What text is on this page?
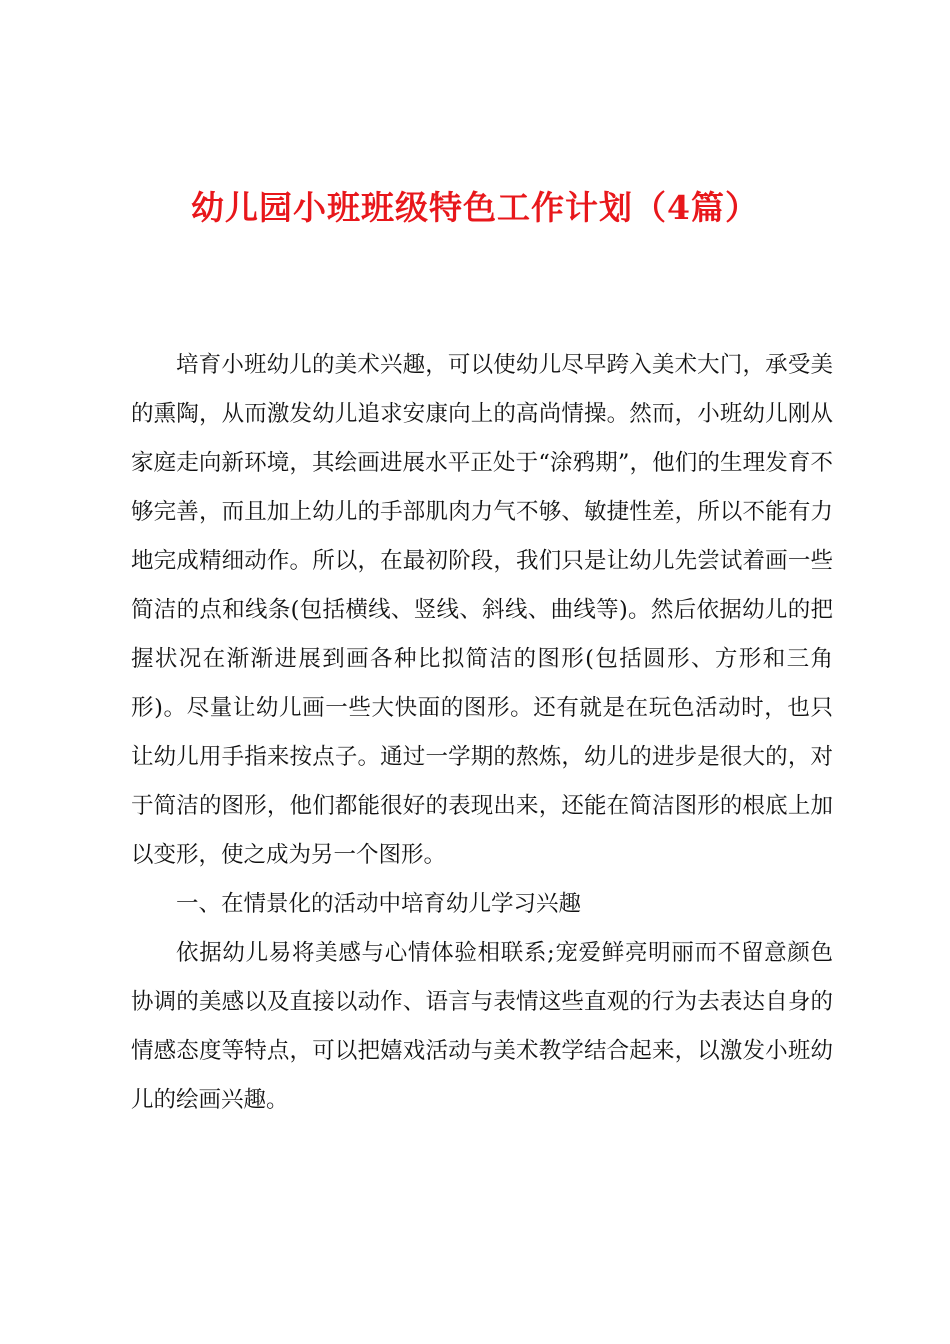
幼儿园小班班级特色工作计划（4篇）

培育小班幼儿的美术兴趣，可以使幼儿尽早跨入美术大门，承受美的熏陶，从而激发幼儿追求安康向上的高尚情操。然而，小班幼儿刚从家庭走向新环境，其绘画进展水平正处于“涂鸦期”，他们的生理发育不够完善，而且加上幼儿的手部肌肉力气不够、敏捷性差，所以不能有力地完成精细动作。所以，在最初阶段，我们只是让幼儿先尝试着画一些简洁的点和线条(包括横线、竖线、斜线、曲线等)。然后依据幼儿的把握状况在渐渐进展到画各种比拟简洁的图形(包括圆形、方形和三角形)。尽量让幼儿画一些大快面的图形。还有就是在玩色活动时，也只让幼儿用手指来按点子。通过一学期的熬炼，幼儿的进步是很大的，对于简洁的图形，他们都能很好的表现出来，还能在简洁图形的根底上加以变形，使之成为另一个图形。

一、在情景化的活动中培育幼儿学习兴趣

依据幼儿易将美感与心情体验相联系;宠爱鲜亮明丽而不留意颜色协调的美感以及直接以动作、语言与表情这些直观的行为去表达自身的情感态度等特点，可以把嬉戏活动与美术教学结合起来，以激发小班幼儿的绘画兴趣。
